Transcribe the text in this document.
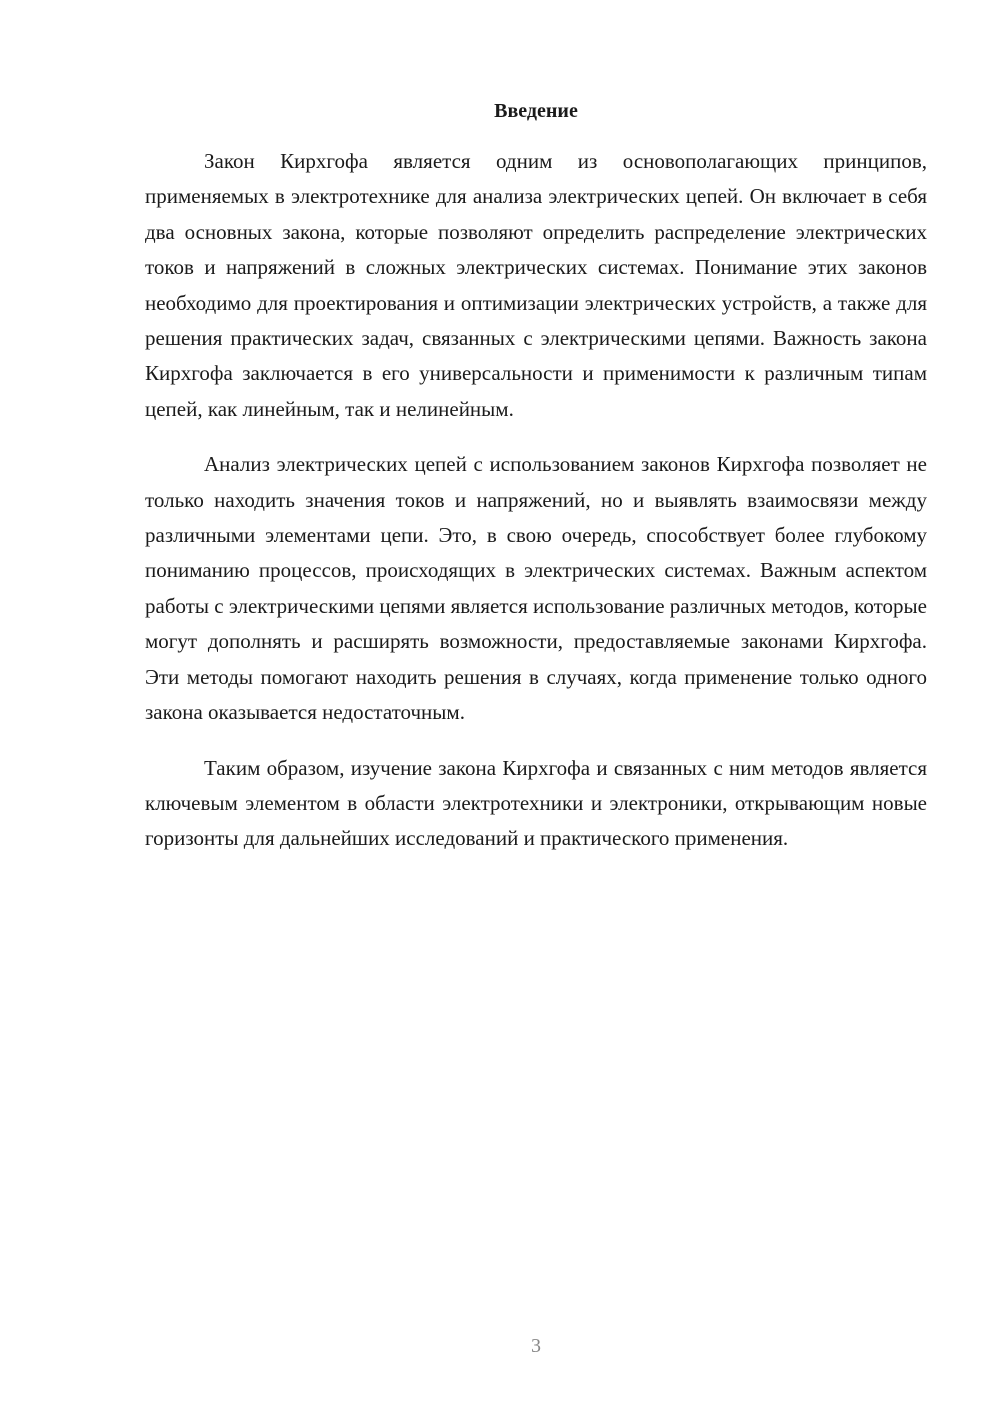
Введение

Закон Кирхгофа является одним из основополагающих принципов, применяемых в электротехнике для анализа электрических цепей. Он включает в себя два основных закона, которые позволяют определить распределение электрических токов и напряжений в сложных электрических системах. Понимание этих законов необходимо для проектирования и оптимизации электрических устройств, а также для решения практических задач, связанных с электрическими цепями. Важность закона Кирхгофа заключается в его универсальности и применимости к различным типам цепей, как линейным, так и нелинейным.

Анализ электрических цепей с использованием законов Кирхгофа позволяет не только находить значения токов и напряжений, но и выявлять взаимосвязи между различными элементами цепи. Это, в свою очередь, способствует более глубокому пониманию процессов, происходящих в электрических системах. Важным аспектом работы с электрическими цепями является использование различных методов, которые могут дополнять и расширять возможности, предоставляемые законами Кирхгофа. Эти методы помогают находить решения в случаях, когда применение только одного закона оказывается недостаточным.

Таким образом, изучение закона Кирхгофа и связанных с ним методов является ключевым элементом в области электротехники и электроники, открывающим новые горизонты для дальнейших исследований и практического применения.

3
